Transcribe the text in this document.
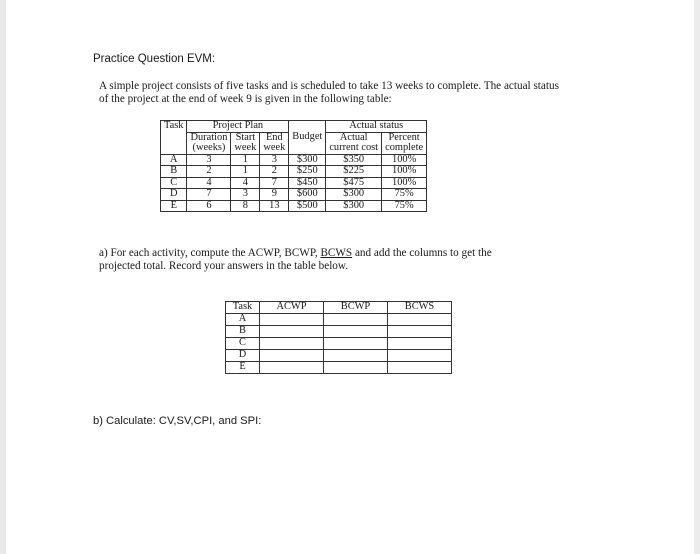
Practice Question EVM:
A simple project consists of five tasks and is scheduled to take 13 weeks to complete. The actual status of the project at the end of week 9 is given in the following table:
Task	Project Plan				Actual status	
	Duration	Start	End	Budget	Actual	Percent
	(weeks)	week	week		current cost	complete
A	3	1	3	$300	$350	100%
B	2	1	2	$250	$225	100%
C	4	4	7	$450	$475	100%
D	7	3	9	$600	$300	75%
E	6	8	13	$500	$300	75%
a) For each activity, compute the ACWP, BCWP, BCWS and add the columns to get the projected total. Record your answers in the table below.
Task	ACWP	BCWP	BCWS
A			
B			
C			
D			
E			
b) Calculate: CV,SV,CPI, and SPI:
